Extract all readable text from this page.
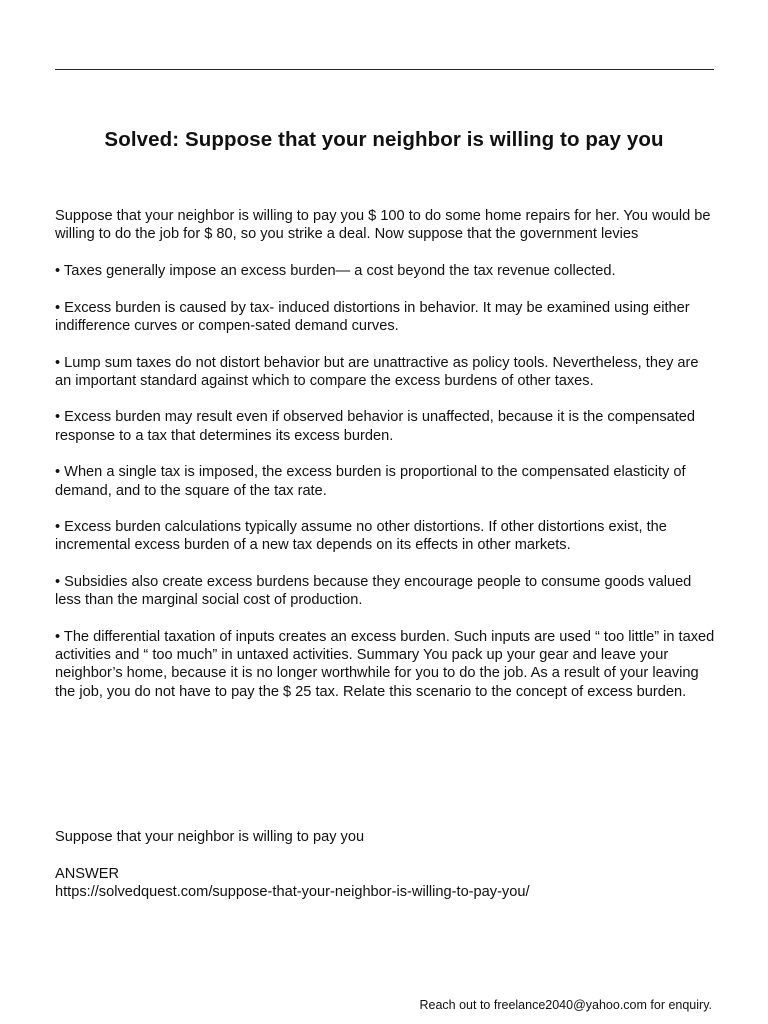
Solved: Suppose that your neighbor is willing to pay you

Suppose that your neighbor is willing to pay you $ 100 to do some home repairs for her. You would be willing to do the job for $ 80, so you strike a deal. Now suppose that the government levies

• Taxes generally impose an excess burden— a cost beyond the tax revenue collected.

• Excess burden is caused by tax- induced distortions in behavior. It may be examined using either indifference curves or compen-sated demand curves.

• Lump sum taxes do not distort behavior but are unattractive as policy tools. Nevertheless, they are an important standard against which to compare the excess burdens of other taxes.

• Excess burden may result even if observed behavior is unaffected, because it is the compensated response to a tax that determines its excess burden.

• When a single tax is imposed, the excess burden is proportional to the compensated elasticity of demand, and to the square of the tax rate.

• Excess burden calculations typically assume no other distortions. If other distortions exist, the incremental excess burden of a new tax depends on its effects in other markets.

• Subsidies also create excess burdens because they encourage people to consume goods valued less than the marginal social cost of production.

• The differential taxation of inputs creates an excess burden. Such inputs are used “ too little” in taxed activities and “ too much” in untaxed activities. Summary You pack up your gear and leave your neighbor’s home, because it is no longer worthwhile for you to do the job. As a result of your leaving the job, you do not have to pay the $ 25 tax. Relate this scenario to the concept of excess burden.

Suppose that your neighbor is willing to pay you

ANSWER

https://solvedquest.com/suppose-that-your-neighbor-is-willing-to-pay-you/
Reach out to freelance2040@yahoo.com for enquiry.
